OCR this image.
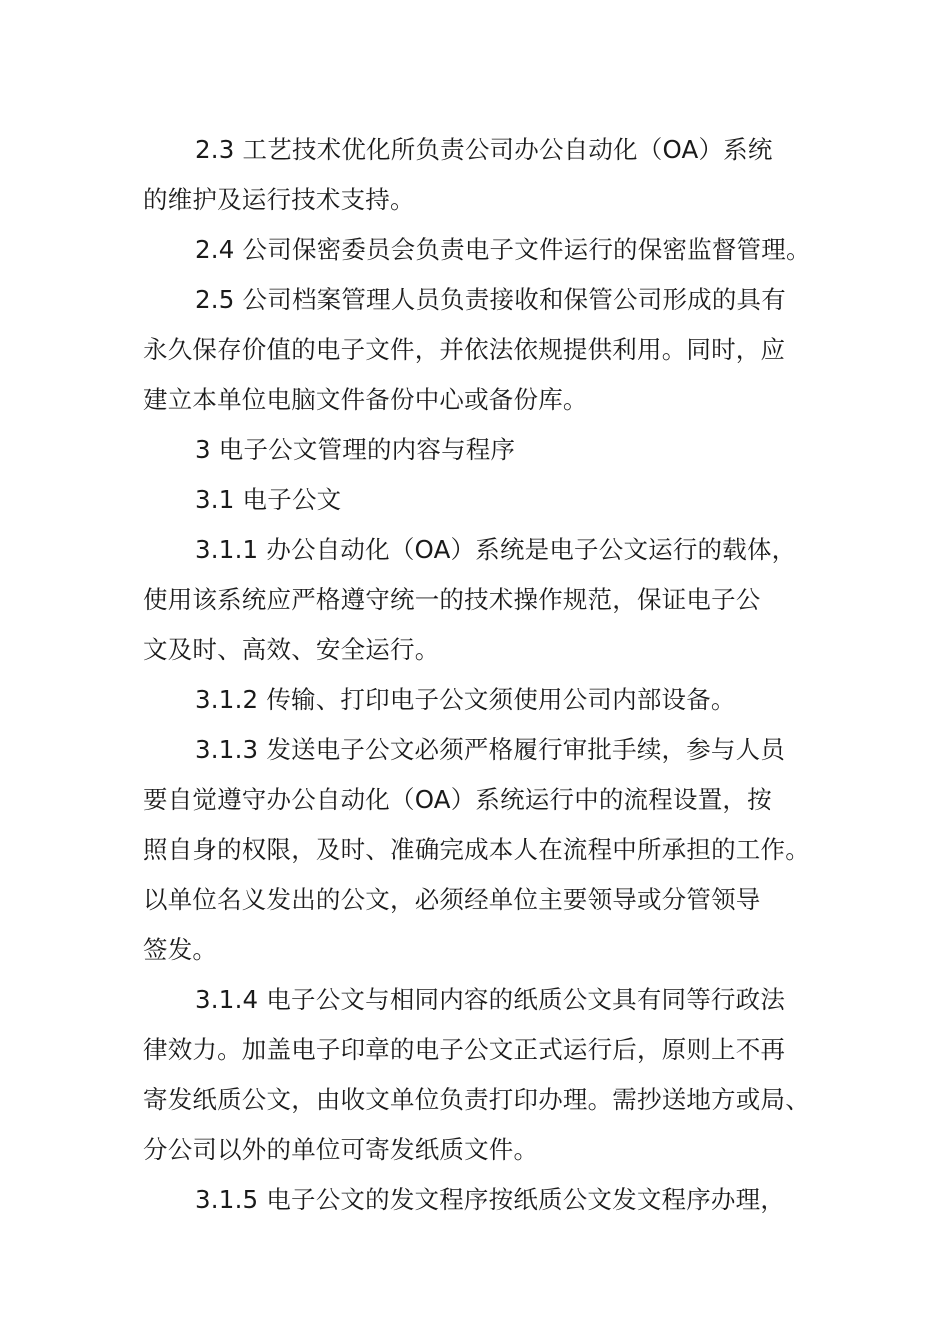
2.3 工艺技术优化所负责公司办公自动化（OA）系统
的维护及运行技术支持。
2.4 公司保密委员会负责电子文件运行的保密监督管理。
2.5 公司档案管理人员负责接收和保管公司形成的具有
永久保存价值的电子文件，并依法依规提供利用。同时，应
建立本单位电脑文件备份中心或备份库。
3 电子公文管理的内容与程序
3.1 电子公文
3.1.1 办公自动化（OA）系统是电子公文运行的载体，
使用该系统应严格遵守统一的技术操作规范，保证电子公
文及时、高效、安全运行。
3.1.2 传输、打印电子公文须使用公司内部设备。
3.1.3 发送电子公文必须严格履行审批手续，参与人员
要自觉遵守办公自动化（OA）系统运行中的流程设置，按
照自身的权限，及时、准确完成本人在流程中所承担的工作。
以单位名义发出的公文，必须经单位主要领导或分管领导
签发。
3.1.4 电子公文与相同内容的纸质公文具有同等行政法
律效力。加盖电子印章的电子公文正式运行后，原则上不再
寄发纸质公文，由收文单位负责打印办理。需抄送地方或局、
分公司以外的单位可寄发纸质文件。
3.1.5 电子公文的发文程序按纸质公文发文程序办理，
